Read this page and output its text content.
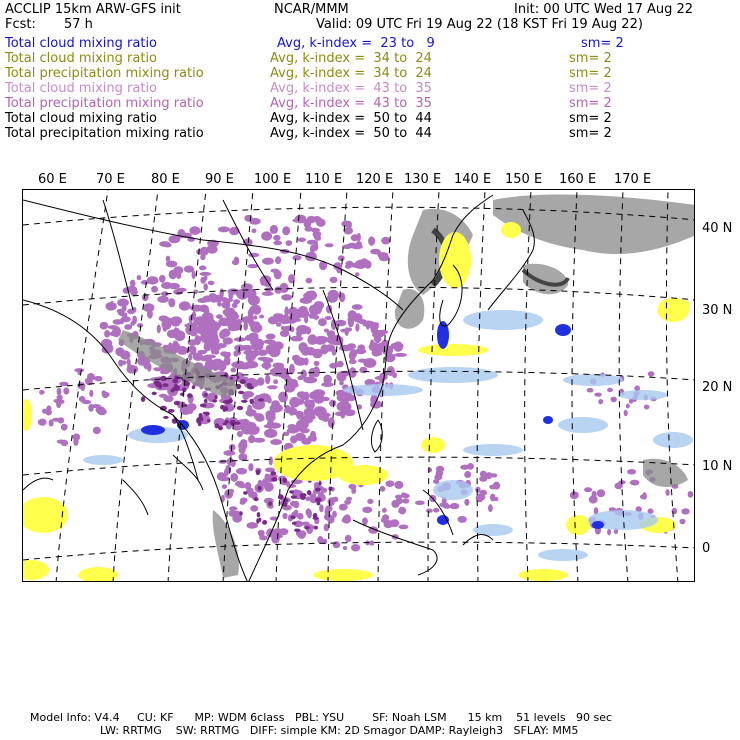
ACCLIP 15km ARW-GFS init	NCAR/MMM	Init: 00 UTC Wed 17 Aug 22
Fcst: 57 h	Valid: 09 UTC Fri 19 Aug 22 (18 KST Fri 19 Aug 22)
Total cloud mixing ratio	Avg, k-index =  23 to   9	sm= 2
Total cloud mixing ratio	Avg, k-index =  34 to  24	sm= 2
Total precipitation mixing ratio	Avg, k-index =  34 to  24	sm= 2
Total cloud mixing ratio	Avg, k-index =  43 to  35	sm= 2
Total precipitation mixing ratio	Avg, k-index =  43 to  35	sm= 2
Total cloud mixing ratio	Avg, k-index =  50 to  44	sm= 2
Total precipitation mixing ratio	Avg, k-index =  50 to  44	sm= 2
60 E 70 E 80 E 90 E 100 E 110 E 120 E 130 E 140 E 150 E 160 E 170 E
40 N
30 N
20 N
10 N
0
Model Info: V4.4     CU: KF      MP: WDM 6class   PBL: YSU        SF: Noah LSM      15 km    51 levels   90 sec
LW: RRTMG    SW: RRTMG   DIFF: simple KM: 2D Smagor DAMP: Rayleigh3   SFLAY: MM5
